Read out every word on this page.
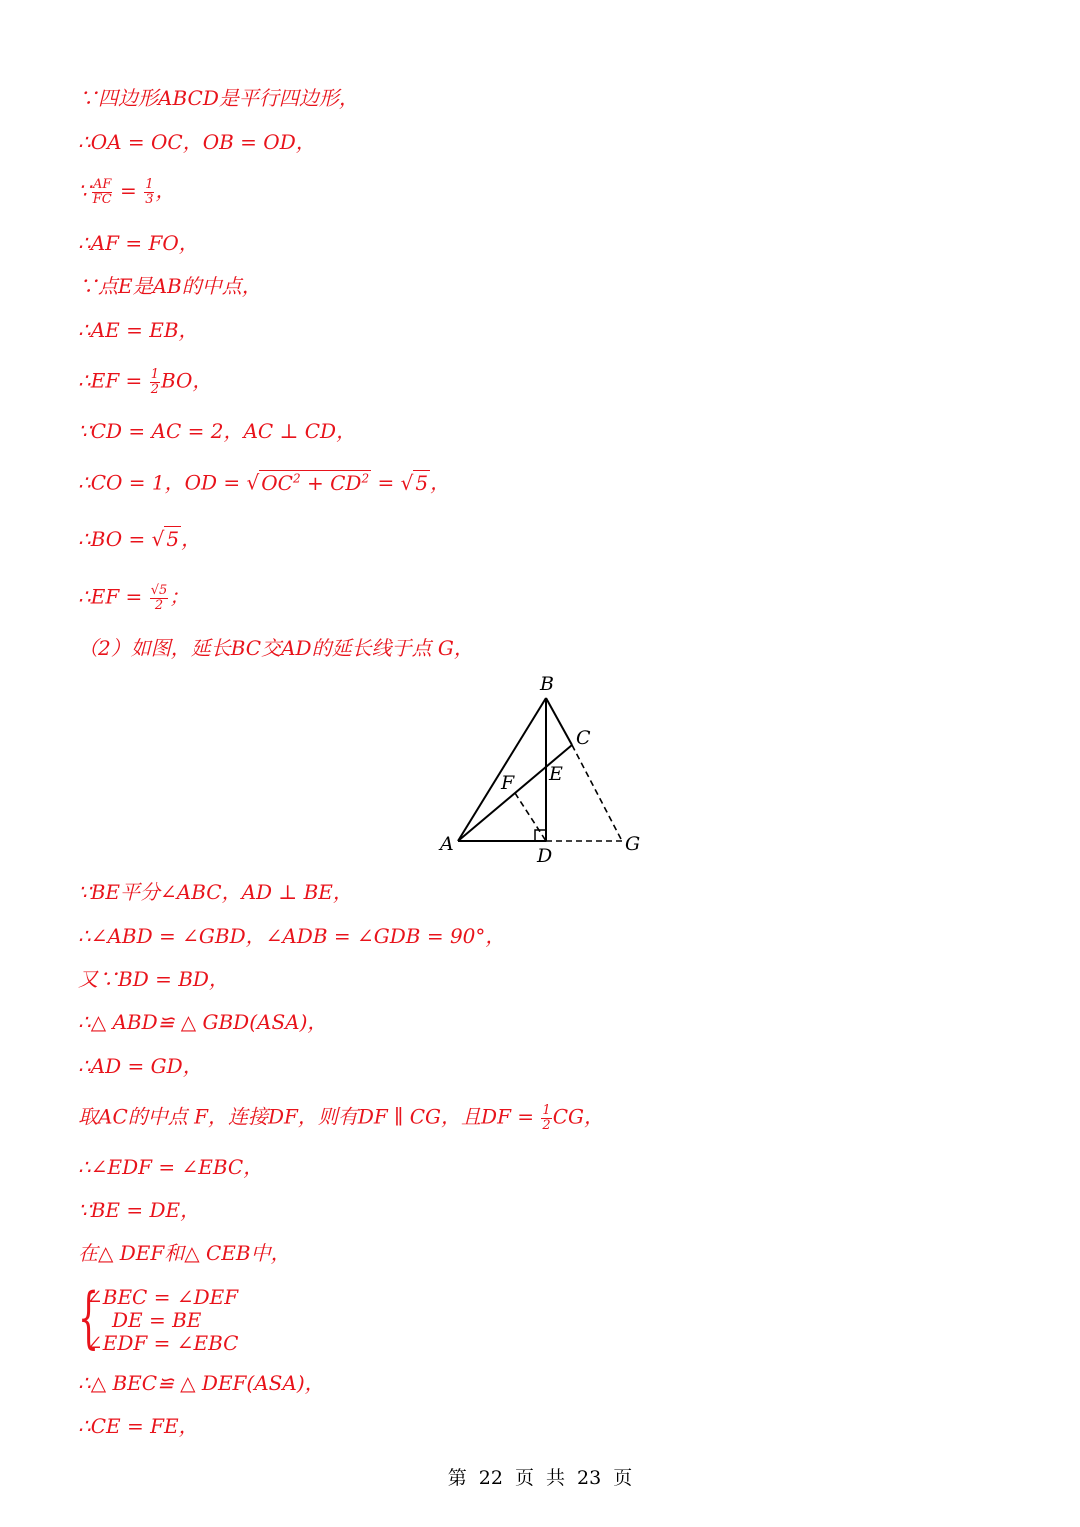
∵四边形ABCD是平行四边形，
∴OA = OC，OB = OD，
∵ $\frac{AF}{FC} = \frac{1}{3}$ ，
∴AF = FO，
∵点E是AB的中点，
∴AE = EB，
∴EF = $\frac{1}{2}$ BO，
∵CD = AC = 2，AC ⊥ CD，
∴CO = 1，OD = √ $OC^2 + CD^2$ = √ 5 ，
∴BO = √ 5 ，
∴EF = $\frac{√5}{2}$ ；
（2）如图，延长BC交AD的延长线于点 G，
B
C
E
F
A
D
G
∵BE平分∠ABC，AD ⊥ BE，
∴∠ABD = ∠GBD，∠ADB = ∠GDB = 90°，
又∵BD = BD，
∴△ ABD≌ △ GBD(ASA)，
∴AD = GD，
取AC的中点 F，连接DF，则有DF ∥ CG，且DF = $\frac{1}{2}$ CG，
∴∠EDF = ∠EBC，
∵BE = DE，
在△ DEF和△ CEB中，
{
∠BEC = ∠DEF
DE = BE
∠EDF = ∠EBC
∴△ BEC≌ △ DEF(ASA)，
∴CE = FE，
第 22 页 共 23 页
